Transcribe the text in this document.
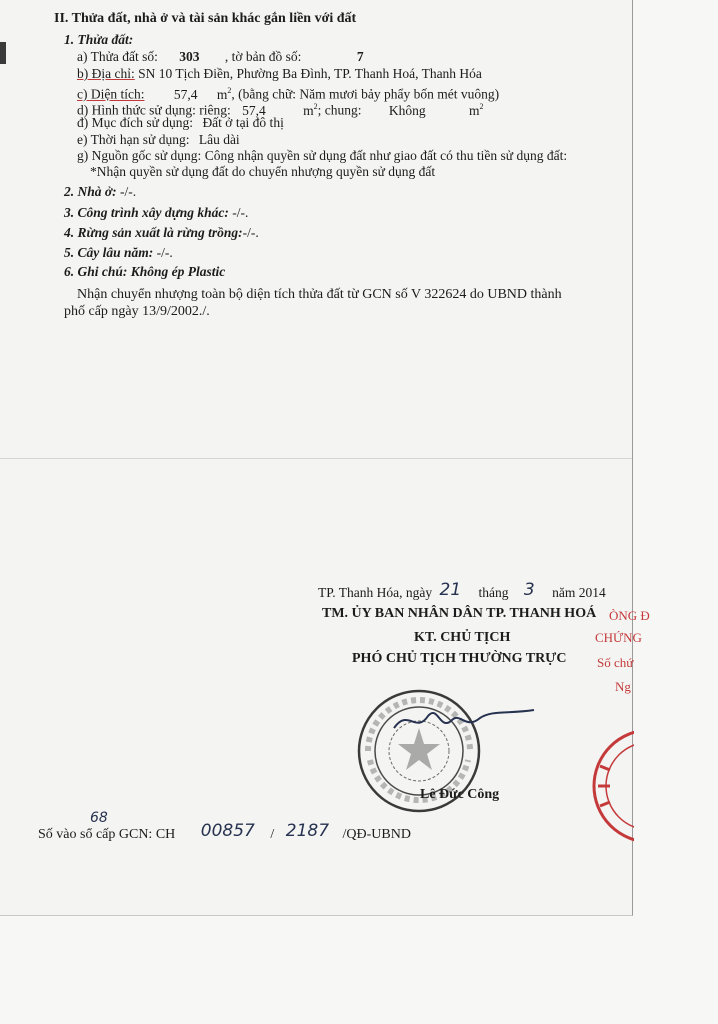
II. Thửa đất, nhà ở và tài sản khác gắn liền với đất
1. Thửa đất:
a) Thửa đất số: 303 , tờ bản đồ số:	7
b) Địa chỉ: SN 10 Tịch Điền, Phường Ba Đình, TP. Thanh Hoá, Thanh Hóa
c) Diện tích: 57,4 $m^2$, (bằng chữ: Năm mươi bảy phẩy bốn mét vuông)
d) Hình thức sử dụng: riêng: 57,4	$m^2$; chung: Không	$m^2$
đ) Mục đích sử dụng: Đất ở tại đô thị
e) Thời hạn sử dụng: Lâu dài
g) Nguồn gốc sử dụng: Công nhận quyền sử dụng đất như giao đất có thu tiền sử dụng đất:
*Nhận quyền sử dụng đất do chuyển nhượng quyền sử dụng đất
2. Nhà ở: -/-.
3. Công trình xây dựng khác: -/-.
4. Rừng sản xuất là rừng trồng:-/-.
5. Cây lâu năm: -/-.
6. Ghi chú: Không ép Plastic
Nhận chuyển nhượng toàn bộ diện tích thửa đất từ GCN số V 322624 do UBND thành
phố cấp ngày 13/9/2002./.
TP. Thanh Hóa, ngày 21 tháng 3 năm 2014
TM. ỦY BAN NHÂN DÂN TP. THANH HOÁ
KT. CHỦ TỊCH
PHÓ CHỦ TỊCH THƯỜNG TRỰC
Lê Đức Công
Số vào sổ cấp GCN: CH 00857 / 2187 /QĐ-UBND
68
ÒNG Đ
CHỨNG
Số chứ
Ng
